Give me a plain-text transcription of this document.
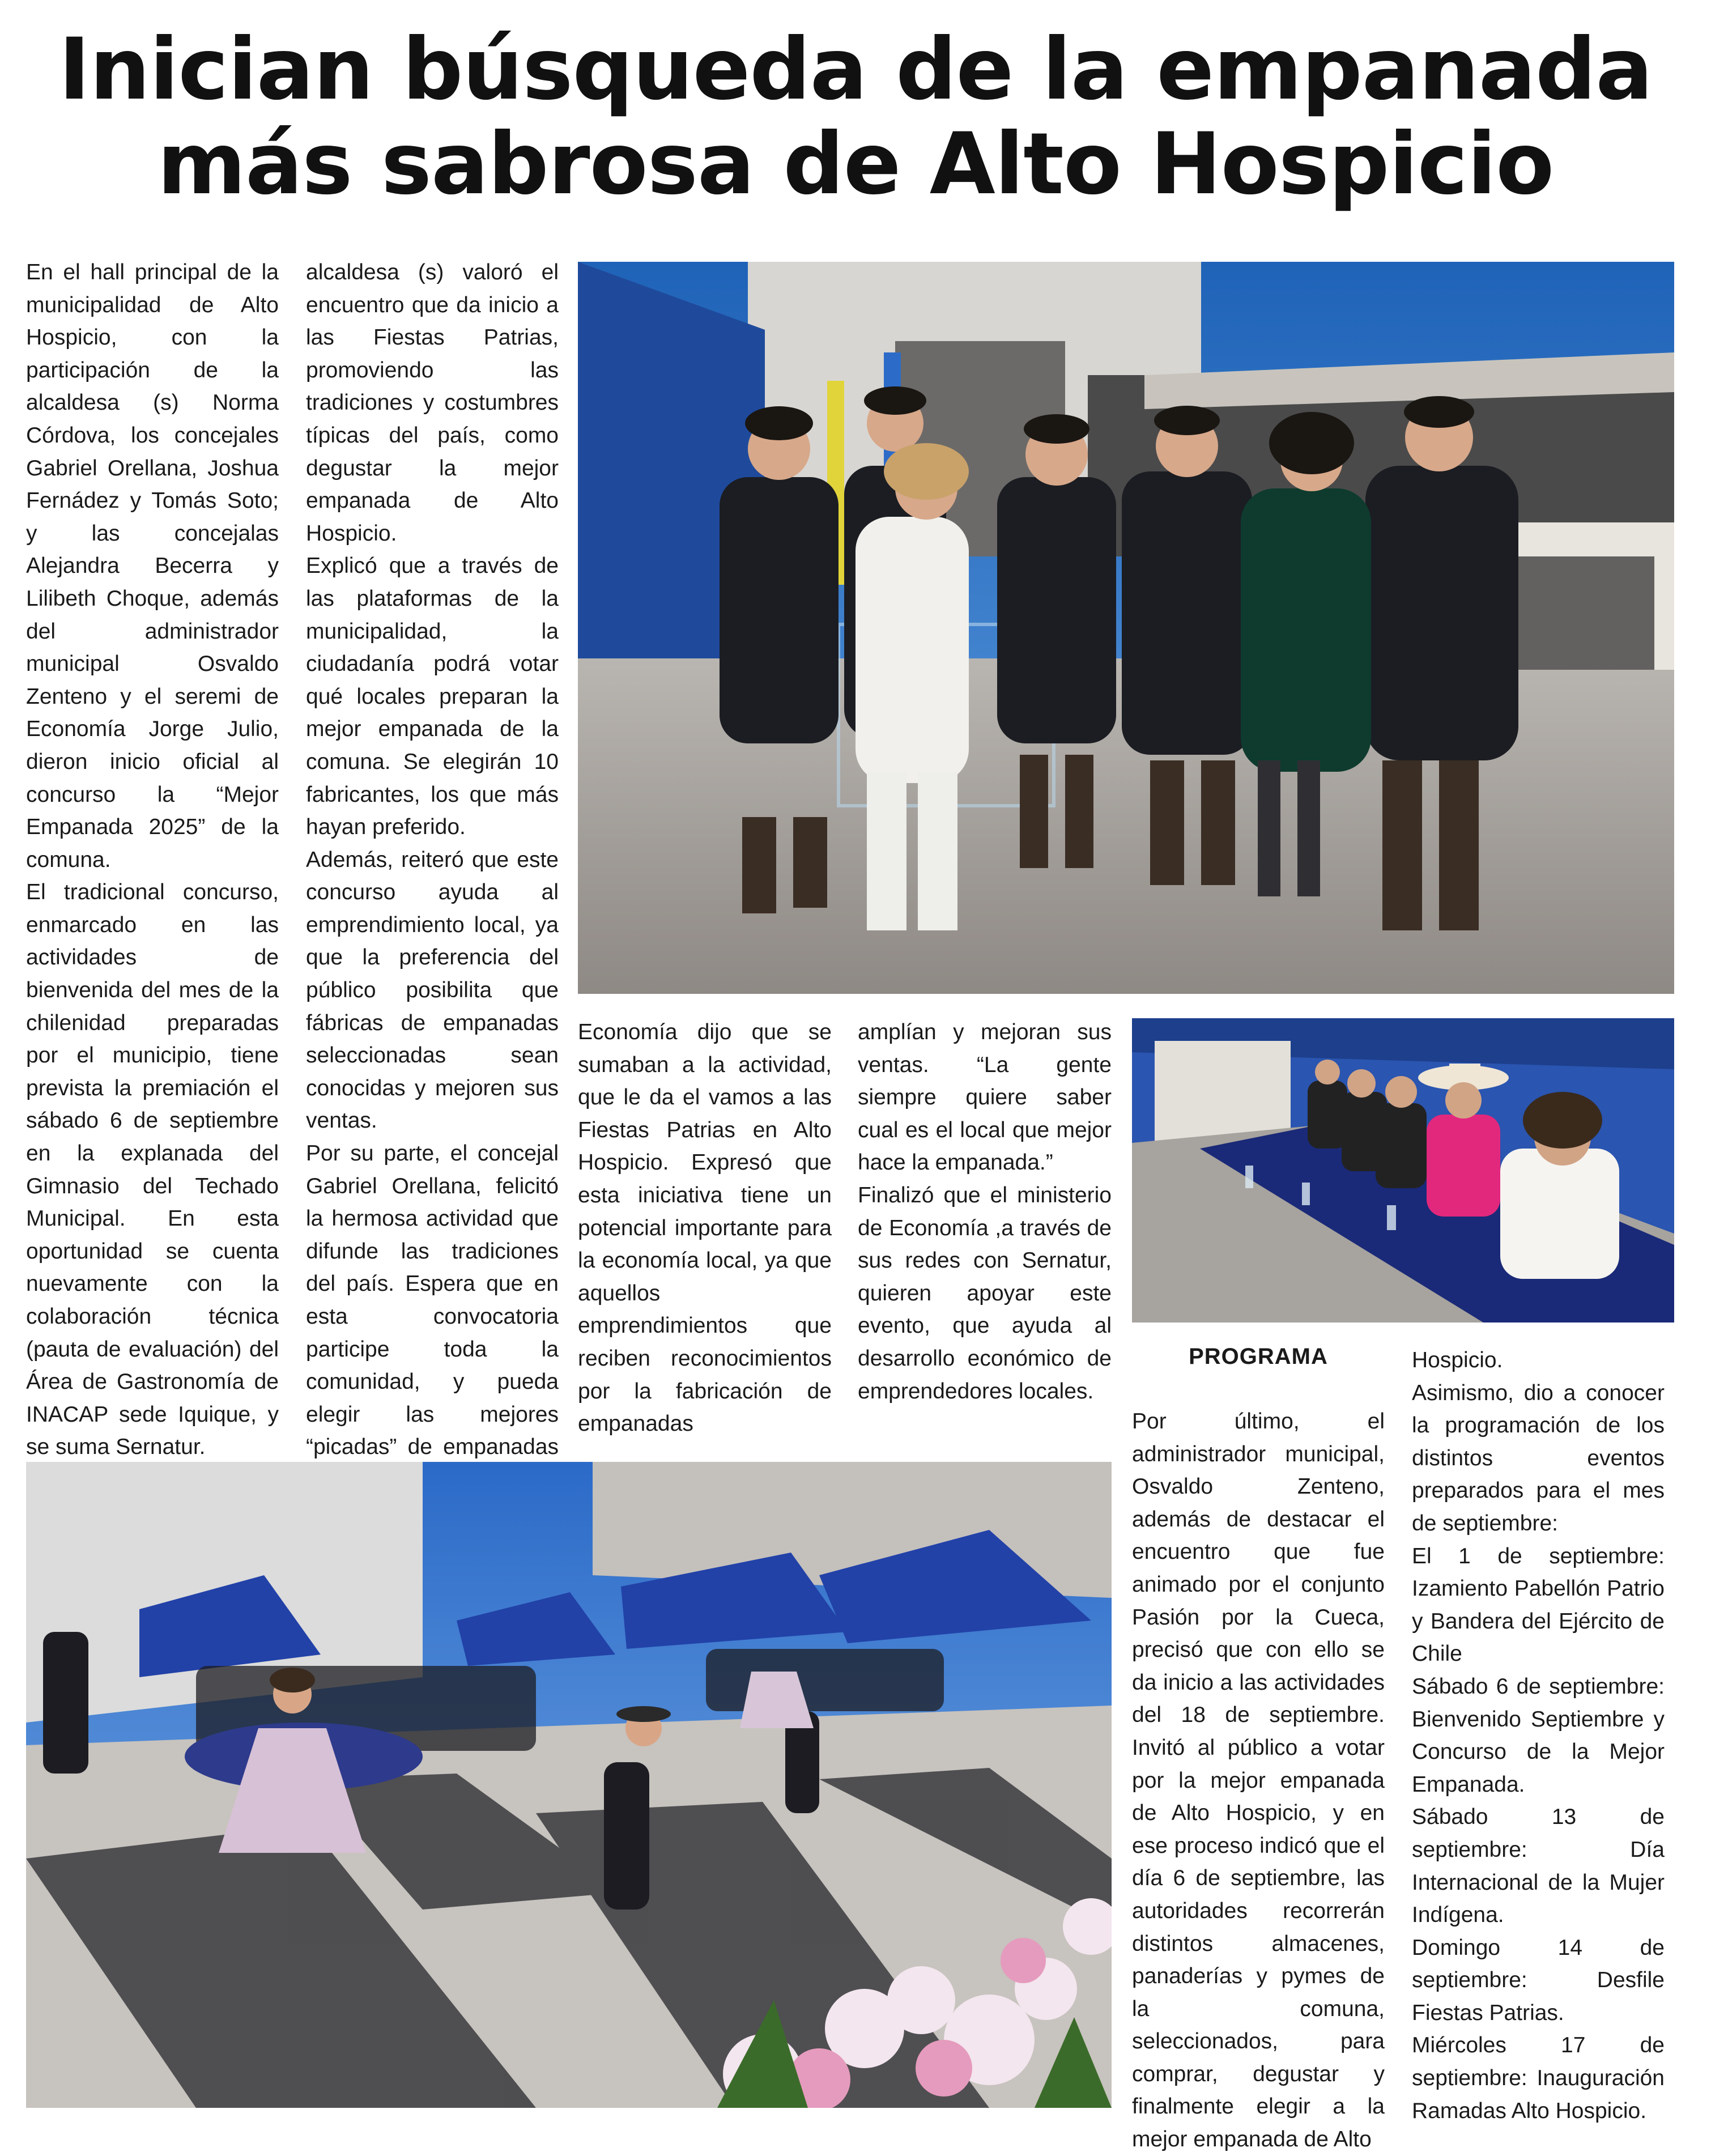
Inician búsqueda de la empanada
más sabrosa de Alto Hospicio

En el hall principal de la municipalidad de Alto Hospicio, con la participación de la alcaldesa (s) Norma Córdova, los concejales Gabriel Orellana, Joshua Fernádez y Tomás Soto; y las concejalas Alejandra Becerra y Lilibeth Choque, además del administrador municipal Osvaldo Zenteno y el seremi de Economía Jorge Julio, dieron inicio oficial al concurso la “Mejor Empanada 2025” de la comuna.

El tradicional concurso, enmarcado en las actividades de bienvenida del mes de la chilenidad preparadas por el municipio, tiene prevista la premiación el sábado 6 de septiembre en la explanada del Gimnasio del Techado Municipal. En esta oportunidad se cuenta nuevamente con la colaboración técnica (pauta de evaluación) del Área de Gastronomía de INACAP sede Iquique, y se suma Sernatur.

alcaldesa (s) valoró el encuentro que da inicio a las Fiestas Patrias, promoviendo las tradiciones y costumbres típicas del país, como degustar la mejor empanada de Alto Hospicio.

Explicó que a través de las plataformas de la municipalidad, la ciudadanía podrá votar qué locales preparan la mejor empanada de la comuna. Se elegirán 10 fabricantes, los que más hayan preferido.

Además, reiteró que este concurso ayuda al emprendimiento local, ya que la preferencia del público posibilita que fábricas de empanadas seleccionadas sean conocidas y mejoren sus ventas.

Por su parte, el concejal Gabriel Orellana, felicitó la hermosa actividad que difunde las tradiciones del país. Espera que en esta convocatoria participe toda la comunidad, y pueda elegir las mejores “picadas” de empanadas

Economía dijo que se sumaban a la actividad, que le da el vamos a las Fiestas Patrias en Alto Hospicio. Expresó que esta iniciativa tiene un potencial importante para la economía local, ya que aquellos emprendimientos que reciben reconocimientos por la fabricación de empanadas

amplían y mejoran sus ventas. “La gente siempre quiere saber cual es el local que mejor hace la empanada.”

Finalizó que el ministerio de Economía ,a través de sus redes con Sernatur, quieren apoyar este evento, que ayuda al desarrollo económico de emprendedores locales.

PROGRAMA

Por último, el administrador municipal, Osvaldo Zenteno, además de destacar el encuentro que fue animado por el conjunto Pasión por la Cueca, precisó que con ello se da inicio a las actividades del 18 de septiembre. Invitó al público a votar por la mejor empanada de Alto Hospicio, y en ese proceso indicó que el día 6 de septiembre, las autoridades recorrerán distintos almacenes, panaderías y pymes de la comuna, seleccionados, para comprar, degustar y finalmente elegir a la mejor empanada de Alto

Hospicio.

Asimismo, dio a conocer la programación de los distintos eventos preparados para el mes de septiembre:

El 1 de septiembre: Izamiento Pabellón Patrio y Bandera del Ejército de Chile

Sábado 6 de septiembre: Bienvenido Septiembre y Concurso de la Mejor Empanada.

Sábado 13 de septiembre: Día Internacional de la Mujer Indígena.

Domingo 14 de septiembre: Desfile Fiestas Patrias.

Miércoles 17 de septiembre: Inauguración Ramadas Alto Hospicio.
